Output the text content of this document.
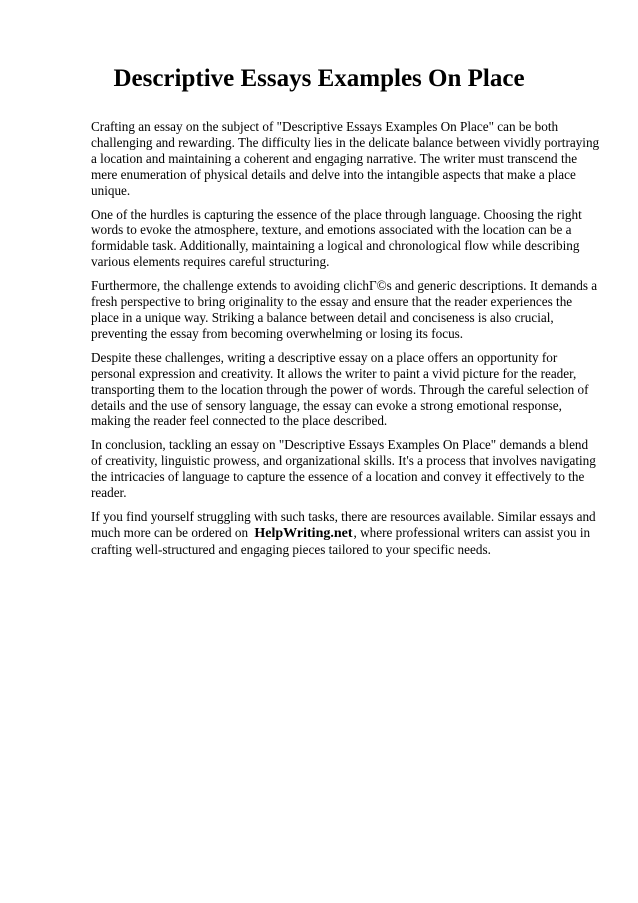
Descriptive Essays Examples On Place

Crafting an essay on the subject of "Descriptive Essays Examples On Place" can be both challenging and rewarding. The difficulty lies in the delicate balance between vividly portraying a location and maintaining a coherent and engaging narrative. The writer must transcend the mere enumeration of physical details and delve into the intangible aspects that make a place unique.

One of the hurdles is capturing the essence of the place through language. Choosing the right words to evoke the atmosphere, texture, and emotions associated with the location can be a formidable task. Additionally, maintaining a logical and chronological flow while describing various elements requires careful structuring.

Furthermore, the challenge extends to avoiding clichГ©s and generic descriptions. It demands a fresh perspective to bring originality to the essay and ensure that the reader experiences the place in a unique way. Striking a balance between detail and conciseness is also crucial, preventing the essay from becoming overwhelming or losing its focus.

Despite these challenges, writing a descriptive essay on a place offers an opportunity for personal expression and creativity. It allows the writer to paint a vivid picture for the reader, transporting them to the location through the power of words. Through the careful selection of details and the use of sensory language, the essay can evoke a strong emotional response, making the reader feel connected to the place described.

In conclusion, tackling an essay on "Descriptive Essays Examples On Place" demands a blend of creativity, linguistic prowess, and organizational skills. It's a process that involves navigating the intricacies of language to capture the essence of a location and convey it effectively to the reader.

If you find yourself struggling with such tasks, there are resources available. Similar essays and much more can be ordered on HelpWriting.net, where professional writers can assist you in crafting well-structured and engaging pieces tailored to your specific needs.
